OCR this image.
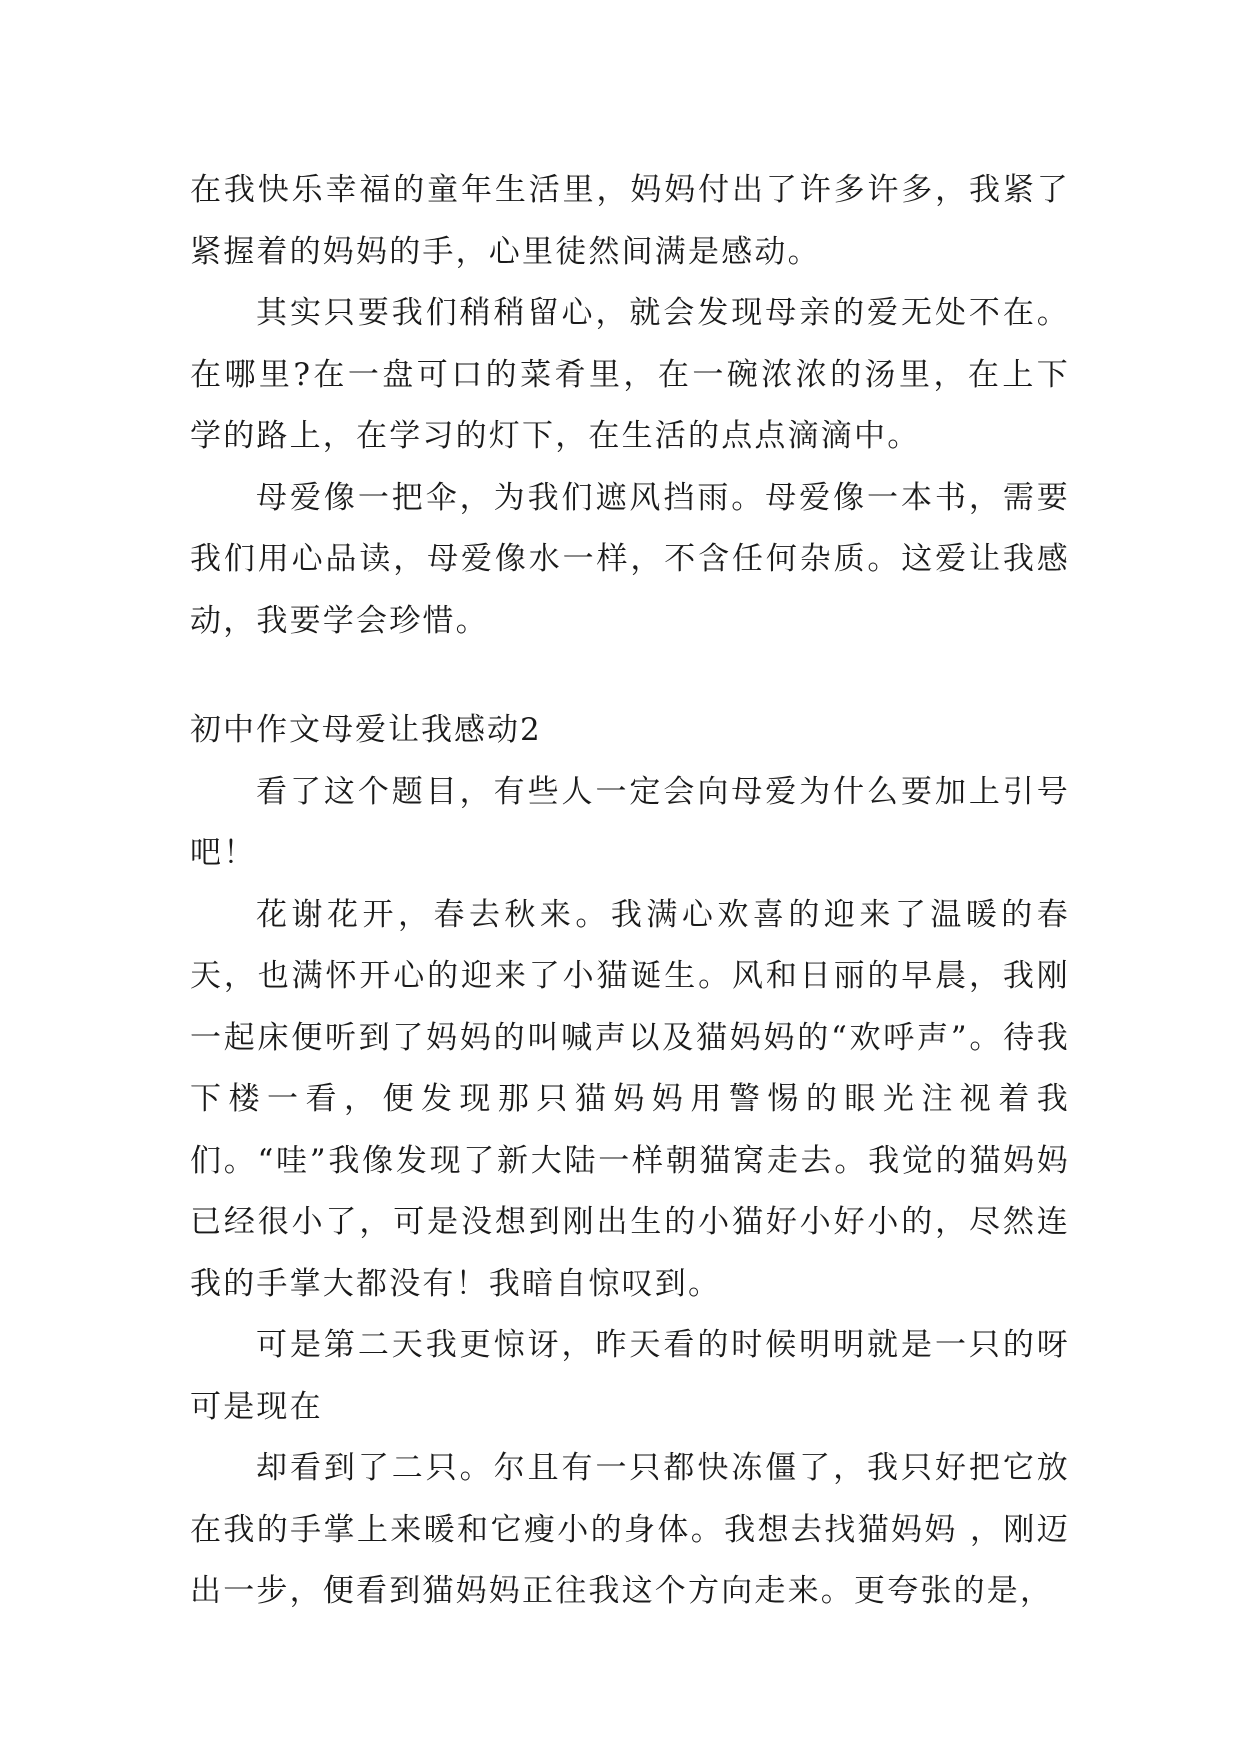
在我快乐幸福的童年生活里，妈妈付出了许多许多，我紧了紧握着的妈妈的手，心里徒然间满是感动。

其实只要我们稍稍留心，就会发现母亲的爱无处不在。在哪里?在一盘可口的菜肴里，在一碗浓浓的汤里，在上下学的路上，在学习的灯下，在生活的点点滴滴中。

母爱像一把伞，为我们遮风挡雨。母爱像一本书，需要我们用心品读，母爱像水一样，不含任何杂质。这爱让我感动，我要学会珍惜。

初中作文母爱让我感动2

看了这个题目，有些人一定会向母爱为什么要加上引号吧！

花谢花开，春去秋来。我满心欢喜的迎来了温暖的春天，也满怀开心的迎来了小猫诞生。风和日丽的早晨，我刚一起床便听到了妈妈的叫喊声以及猫妈妈的“欢呼声”。待我下楼一看，便发现那只猫妈妈用警惕的眼光注视着我们。“哇”我像发现了新大陆一样朝猫窝走去。我觉的猫妈妈已经很小了，可是没想到刚出生的小猫好小好小的，尽然连我的手掌大都没有！我暗自惊叹到。

可是第二天我更惊讶，昨天看的时候明明就是一只的呀可是现在

却看到了二只。尔且有一只都快冻僵了，我只好把它放在我的手掌上来暖和它瘦小的身体。我想去找猫妈妈 ，刚迈出一步，便看到猫妈妈正往我这个方向走来。更夸张的是，
